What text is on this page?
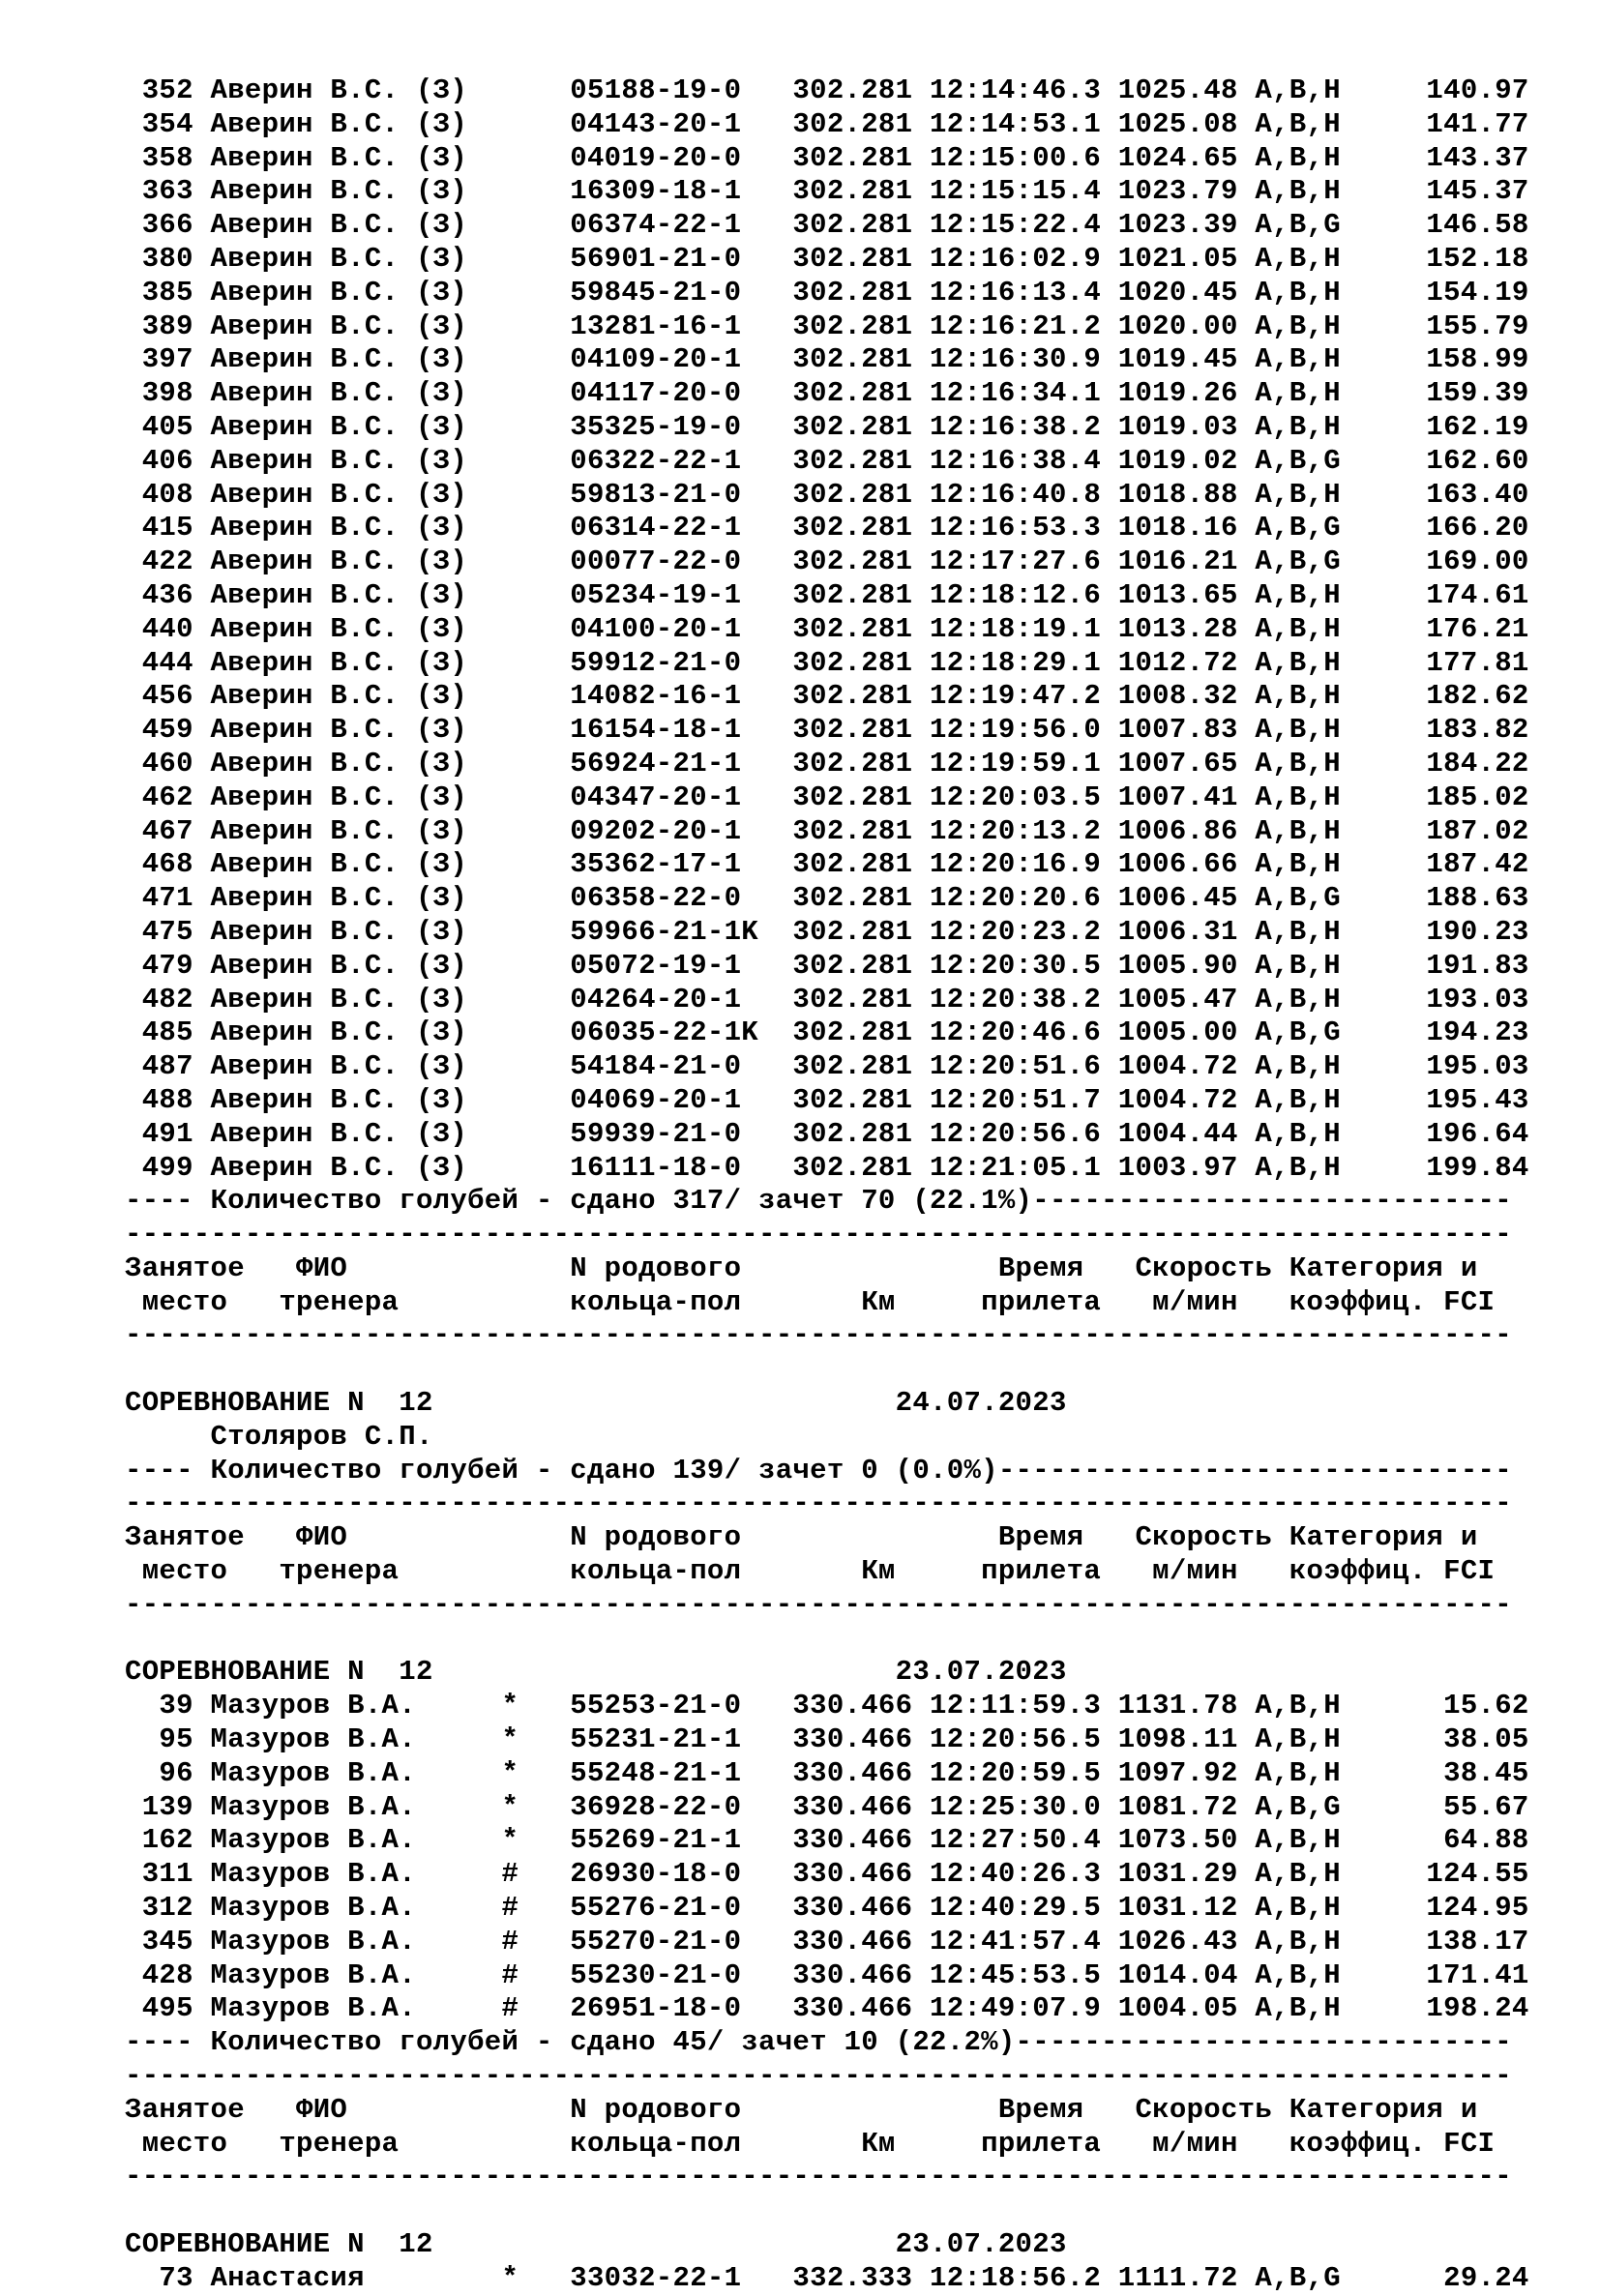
352 Аверин В.С. (З)      05188-19-0   302.281 12:14:46.3 1025.48 A,B,H     140.97
354 Аверин В.С. (З)      04143-20-1   302.281 12:14:53.1 1025.08 A,B,H     141.77
358 Аверин В.С. (З)      04019-20-0   302.281 12:15:00.6 1024.65 A,B,H     143.37
363 Аверин В.С. (З)      16309-18-1   302.281 12:15:15.4 1023.79 A,B,H     145.37
366 Аверин В.С. (З)      06374-22-1   302.281 12:15:22.4 1023.39 A,B,G     146.58
380 Аверин В.С. (З)      56901-21-0   302.281 12:16:02.9 1021.05 A,B,H     152.18
385 Аверин В.С. (З)      59845-21-0   302.281 12:16:13.4 1020.45 A,B,H     154.19
389 Аверин В.С. (З)      13281-16-1   302.281 12:16:21.2 1020.00 A,B,H     155.79
397 Аверин В.С. (З)      04109-20-1   302.281 12:16:30.9 1019.45 A,B,H     158.99
398 Аверин В.С. (З)      04117-20-0   302.281 12:16:34.1 1019.26 A,B,H     159.39
405 Аверин В.С. (З)      35325-19-0   302.281 12:16:38.2 1019.03 A,B,H     162.19
406 Аверин В.С. (З)      06322-22-1   302.281 12:16:38.4 1019.02 A,B,G     162.60
408 Аверин В.С. (З)      59813-21-0   302.281 12:16:40.8 1018.88 A,B,H     163.40
415 Аверин В.С. (З)      06314-22-1   302.281 12:16:53.3 1018.16 A,B,G     166.20
422 Аверин В.С. (З)      00077-22-0   302.281 12:17:27.6 1016.21 A,B,G     169.00
436 Аверин В.С. (З)      05234-19-1   302.281 12:18:12.6 1013.65 A,B,H     174.61
440 Аверин В.С. (З)      04100-20-1   302.281 12:18:19.1 1013.28 A,B,H     176.21
444 Аверин В.С. (З)      59912-21-0   302.281 12:18:29.1 1012.72 A,B,H     177.81
456 Аверин В.С. (З)      14082-16-1   302.281 12:19:47.2 1008.32 A,B,H     182.62
459 Аверин В.С. (З)      16154-18-1   302.281 12:19:56.0 1007.83 A,B,H     183.82
460 Аверин В.С. (З)      56924-21-1   302.281 12:19:59.1 1007.65 A,B,H     184.22
462 Аверин В.С. (З)      04347-20-1   302.281 12:20:03.5 1007.41 A,B,H     185.02
467 Аверин В.С. (З)      09202-20-1   302.281 12:20:13.2 1006.86 A,B,H     187.02
468 Аверин В.С. (З)      35362-17-1   302.281 12:20:16.9 1006.66 A,B,H     187.42
471 Аверин В.С. (З)      06358-22-0   302.281 12:20:20.6 1006.45 A,B,G     188.63
475 Аверин В.С. (З)      59966-21-1K  302.281 12:20:23.2 1006.31 A,B,H     190.23
479 Аверин В.С. (З)      05072-19-1   302.281 12:20:30.5 1005.90 A,B,H     191.83
482 Аверин В.С. (З)      04264-20-1   302.281 12:20:38.2 1005.47 A,B,H     193.03
485 Аверин В.С. (З)      06035-22-1K  302.281 12:20:46.6 1005.00 A,B,G     194.23
487 Аверин В.С. (З)      54184-21-0   302.281 12:20:51.6 1004.72 A,B,H     195.03
488 Аверин В.С. (З)      04069-20-1   302.281 12:20:51.7 1004.72 A,B,H     195.43
491 Аверин В.С. (З)      59939-21-0   302.281 12:20:56.6 1004.44 A,B,H     196.64
499 Аверин В.С. (З)      16111-18-0   302.281 12:21:05.1 1003.97 A,B,H     199.84
---- Количество голубей - сдано 317/ зачет 70 (22.1%)----------------------------
---------------------------------------------------------------------------------
Занятое   ФИО             N родового               Время   Скорость Категория и
место   тренера          кольца-пол       Км     прилета   м/мин   коэффиц. FCI
---------------------------------------------------------------------------------

СОРЕВНОВАНИЕ N  12                           24.07.2023
Столяров С.П.
---- Количество голубей - сдано 139/ зачет 0 (0.0%)------------------------------
---------------------------------------------------------------------------------
Занятое   ФИО             N родового               Время   Скорость Категория и
место   тренера          кольца-пол       Км     прилета   м/мин   коэффиц. FCI
---------------------------------------------------------------------------------

СОРЕВНОВАНИЕ N  12                           23.07.2023
39 Мазуров В.А.     *   55253-21-0   330.466 12:11:59.3 1131.78 A,B,H      15.62
95 Мазуров В.А.     *   55231-21-1   330.466 12:20:56.5 1098.11 A,B,H      38.05
96 Мазуров В.А.     *   55248-21-1   330.466 12:20:59.5 1097.92 A,B,H      38.45
139 Мазуров В.А.     *   36928-22-0   330.466 12:25:30.0 1081.72 A,B,G      55.67
162 Мазуров В.А.     *   55269-21-1   330.466 12:27:50.4 1073.50 A,B,H      64.88
311 Мазуров В.А.     #   26930-18-0   330.466 12:40:26.3 1031.29 A,B,H     124.55
312 Мазуров В.А.     #   55276-21-0   330.466 12:40:29.5 1031.12 A,B,H     124.95
345 Мазуров В.А.     #   55270-21-0   330.466 12:41:57.4 1026.43 A,B,H     138.17
428 Мазуров В.А.     #   55230-21-0   330.466 12:45:53.5 1014.04 A,B,H     171.41
495 Мазуров В.А.     #   26951-18-0   330.466 12:49:07.9 1004.05 A,B,H     198.24
---- Количество голубей - сдано 45/ зачет 10 (22.2%)-----------------------------
---------------------------------------------------------------------------------
Занятое   ФИО             N родового               Время   Скорость Категория и
место   тренера          кольца-пол       Км     прилета   м/мин   коэффиц. FCI
---------------------------------------------------------------------------------

СОРЕВНОВАНИЕ N  12                           23.07.2023
73 Анастасия        *   33032-22-1   332.333 12:18:56.2 1111.72 A,B,G      29.24
